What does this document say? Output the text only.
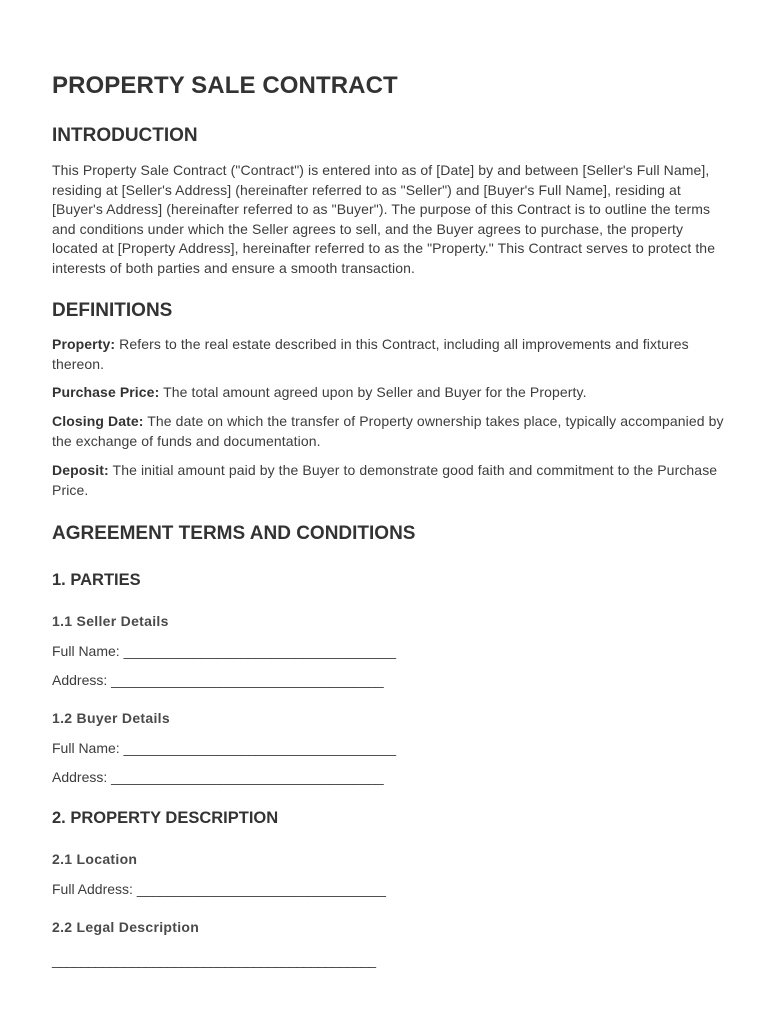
PROPERTY SALE CONTRACT
INTRODUCTION

This Property Sale Contract ("Contract") is entered into as of [Date] by and between [Seller's Full Name], residing at [Seller's Address] (hereinafter referred to as "Seller") and [Buyer's Full Name], residing at [Buyer's Address] (hereinafter referred to as "Buyer"). The purpose of this Contract is to outline the terms and conditions under which the Seller agrees to sell, and the Buyer agrees to purchase, the property located at [Property Address], hereinafter referred to as the "Property." This Contract serves to protect the interests of both parties and ensure a smooth transaction.

DEFINITIONS

Property: Refers to the real estate described in this Contract, including all improvements and fixtures thereon.

Purchase Price: The total amount agreed upon by Seller and Buyer for the Property.

Closing Date: The date on which the transfer of Property ownership takes place, typically accompanied by the exchange of funds and documentation.

Deposit: The initial amount paid by the Buyer to demonstrate good faith and commitment to the Purchase Price.

AGREEMENT TERMS AND CONDITIONS
1. PARTIES
1.1 Seller Details
Full Name: ___________________________________
Address: ___________________________________
1.2 Buyer Details
Full Name: ___________________________________
Address: ___________________________________
2. PROPERTY DESCRIPTION
2.1 Location
Full Address: ________________________________
2.2 Legal Description
_____________________________________________
